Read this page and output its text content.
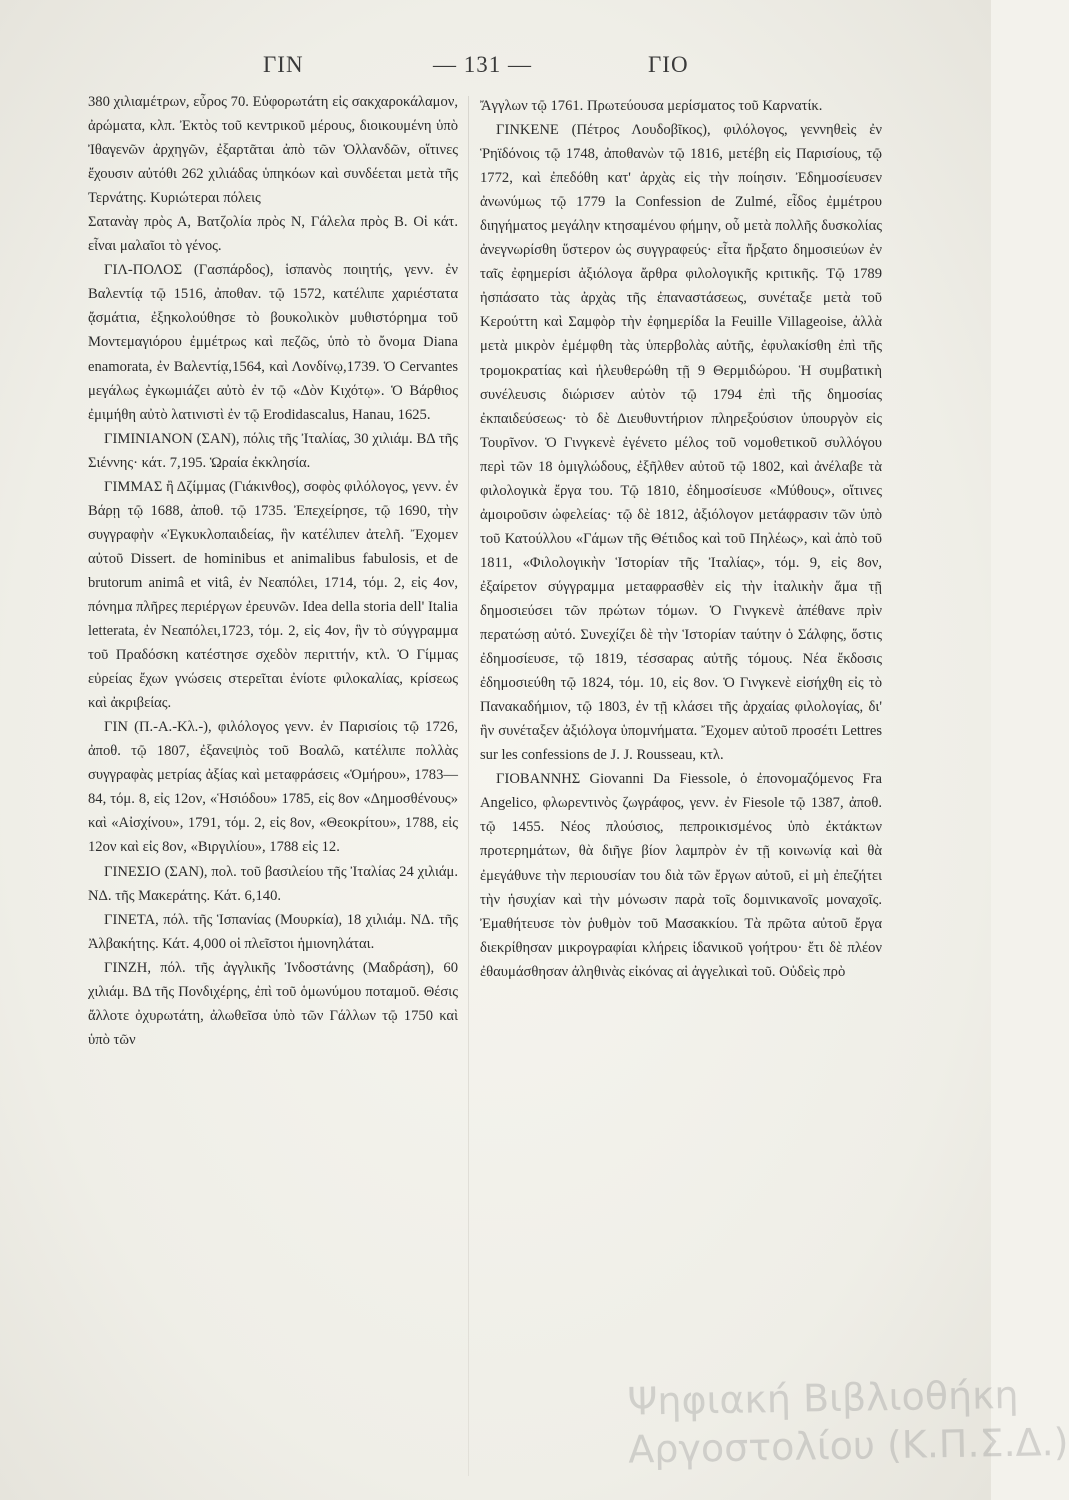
ΓΙΝ	— 131 —	ΓΙΟ

380 χιλιαμέτρων, εὖρος 70. Εὐφορωτάτη εἰς σακχαροκάλαμον, ἀρώματα, κλπ. Ἐκτὸς τοῦ κεντρικοῦ μέρους, διοικουμένη ὑπὸ Ἰθαγενῶν ἀρχηγῶν, ἐξαρτᾶται ἀπὸ τῶν Ὁλλανδῶν, οἵτινες ἔχουσιν αὐτόθι 262 χιλιάδας ὑπηκόων καὶ συνδέεται μετὰ τῆς Τερνάτης. Κυριώτεραι πόλεις

Σατανὰγ πρὸς Α, Βατζολία πρὸς Ν, Γάλελα πρὸς Β. Οἱ κάτ. εἶναι μαλαῖοι τὸ γένος.

ΓΙΛ-ΠΟΛΟΣ (Γασπάρδος), ἱσπανὸς ποιητής, γενν. ἐν Βαλεντίᾳ τῷ 1516, ἀποθαν. τῷ 1572, κατέλιπε χαριέστατα ᾄσμάτια, ἐξηκολούθησε τὸ βουκολικὸν μυθιστόρημα τοῦ Μοντεμαγιόρου ἐμμέτρως καὶ πεζῶς, ὑπὸ τὸ ὄνομα Diana enamorata, ἐν Βαλεντίᾳ,1564, καὶ Λονδίνῳ,1739. Ὁ Cervantes μεγάλως ἐγκωμιάζει αὐτὸ ἐν τῷ «Δὸν Κιχότῳ». Ὁ Βάρθιος ἐμιμήθη αὐτὸ λατινιστὶ ἐν τῷ Erodidascalus, Hanau, 1625.

ΓΙΜΙΝΙΑΝΟΝ (ΣΑΝ), πόλις τῆς Ἰταλίας, 30 χιλιάμ. ΒΔ τῆς Σιέννης· κάτ. 7,195. Ὡραία ἐκκλησία.

ΓΙΜΜΑΣ ἢ Δζίμμας (Γιάκινθος), σοφὸς φιλόλογος, γενν. ἐν Βάρῃ τῷ 1688, ἀποθ. τῷ 1735. Ἐπεχείρησε, τῷ 1690, τὴν συγγραφὴν «Ἐγκυκλοπαιδείας, ἣν κατέλιπεν ἀτελῆ. Ἔχομεν αὐτοῦ Dissert. de hominibus et animalibus fabulosis, et de brutorum animâ et vitâ, ἐν Νεαπόλει, 1714, τόμ. 2, εἰς 4ον, πόνημα πλῆρες περιέργων ἐρευνῶν. Idea della storia dell' Italia letterata, ἐν Νεαπόλει,1723, τόμ. 2, εἰς 4ον, ἣν τὸ σύγγραμμα τοῦ Πραδόσκη κατέστησε σχεδὸν περιττήν, κτλ. Ὁ Γίμμας εὐρείας ἔχων γνώσεις στερεῖται ἐνίοτε φιλοκαλίας, κρίσεως καὶ ἀκριβείας.

ΓΙΝ (Π.-Α.-Κλ.-), φιλόλογος γενν. ἐν Παρισίοις τῷ 1726, ἀποθ. τῷ 1807, ἐξανεψιὸς τοῦ Βοαλῶ, κατέλιπε πολλὰς συγγραφὰς μετρίας ἀξίας καὶ μεταφράσεις «Ὁμήρου», 1783—84, τόμ. 8, εἰς 12ον, «Ἡσιόδου» 1785, εἰς 8ον «Δημοσθένους» καὶ «Αἰσχίνου», 1791, τόμ. 2, εἰς 8ον, «Θεοκρίτου», 1788, εἰς 12ον καὶ εἰς 8ον, «Βιργιλίου», 1788 εἰς 12.

ΓΙΝΕΣΙΟ (ΣΑΝ), πολ. τοῦ βασιλείου τῆς Ἰταλίας 24 χιλιάμ. ΝΔ. τῆς Μακεράτης. Κάτ. 6,140.

ΓΙΝΕΤΑ, πόλ. τῆς Ἱσπανίας (Μουρκία), 18 χιλιάμ. ΝΔ. τῆς Ἀλβακήτης. Κάτ. 4,000 οἱ πλεῖστοι ἡμιονηλάται.

ΓΙΝΖΗ, πόλ. τῆς ἀγγλικῆς Ἰνδοστάνης (Μαδράση), 60 χιλιάμ. ΒΔ τῆς Πονδιχέρης, ἐπὶ τοῦ ὁμωνύμου ποταμοῦ. Θέσις ἄλλοτε ὀχυρωτάτη, ἀλωθεῖσα ὑπὸ τῶν Γάλλων τῷ 1750 καὶ ὑπὸ τῶν

Ἄγγλων τῷ 1761. Πρωτεύουσα μερίσματος τοῦ Καρνατίκ.

ΓΙΝΚΕΝΕ (Πέτρος Λουδοβῖκος), φιλόλογος, γεννηθεὶς ἐν Ῥηϊδόνοις τῷ 1748, ἀποθανὼν τῷ 1816, μετέβη εἰς Παρισίους, τῷ 1772, καὶ ἐπεδόθη κατ' ἀρχὰς εἰς τὴν ποίησιν. Ἐδημοσίευσεν ἀνωνύμως τῷ 1779 la Confession de Zulmé, εἶδος ἐμμέτρου διηγήματος μεγάλην κτησαμένου φήμην, οὗ μετὰ πολλῆς δυσκολίας ἀνεγνωρίσθη ὕστερον ὡς συγγραφεύς· εἶτα ἤρξατο δημοσιεύων ἐν ταῖς ἐφημερίσι ἀξιόλογα ἄρθρα φιλολογικῆς κριτικῆς. Τῷ 1789 ἠσπάσατο τὰς ἀρχὰς τῆς ἐπαναστάσεως, συνέταξε μετὰ τοῦ Κερούττη καὶ Σαμφὸρ τὴν ἐφημερίδα la Feuille Villageoise, ἀλλὰ μετὰ μικρὸν ἐμέμφθη τὰς ὑπερβολὰς αὐτῆς, ἐφυλακίσθη ἐπὶ τῆς τρομοκρατίας καὶ ἠλευθερώθη τῇ 9 Θερμιδώρου. Ἡ συμβατικὴ συνέλευσις διώρισεν αὐτὸν τῷ 1794 ἐπὶ τῆς δημοσίας ἐκπαιδεύσεως· τὸ δὲ Διευθυντήριον πληρεξούσιον ὑπουργὸν εἰς Τουρῖνον. Ὁ Γινγκενὲ ἐγένετο μέλος τοῦ νομοθετικοῦ συλλόγου περὶ τῶν 18 ὁμιγλώδους, ἐξῆλθεν αὐτοῦ τῷ 1802, καὶ ἀνέλαβε τὰ φιλολογικὰ ἔργα του. Τῷ 1810, ἐδημοσίευσε «Μύθους», οἵτινες ἀμοιροῦσιν ὠφελείας· τῷ δὲ 1812, ἀξιόλογον μετάφρασιν τῶν ὑπὸ τοῦ Κατούλλου «Γάμων τῆς Θέτιδος καὶ τοῦ Πηλέως», καὶ ἀπὸ τοῦ 1811, «Φιλολογικὴν Ἱστορίαν τῆς Ἰταλίας», τόμ. 9, εἰς 8ον, ἐξαίρετον σύγγραμμα μεταφρασθὲν εἰς τὴν ἰταλικὴν ἅμα τῇ δημοσιεύσει τῶν πρώτων τόμων. Ὁ Γινγκενὲ ἀπέθανε πρὶν περατώσῃ αὐτό. Συνεχίζει δὲ τὴν Ἱστορίαν ταύτην ὁ Σάλφης, ὅστις ἐδημοσίευσε, τῷ 1819, τέσσαρας αὐτῆς τόμους. Νέα ἔκδοσις ἐδημοσιεύθη τῷ 1824, τόμ. 10, εἰς 8ον. Ὁ Γινγκενὲ εἰσήχθη εἰς τὸ Πανακαδήμιον, τῷ 1803, ἐν τῇ κλάσει τῆς ἀρχαίας φιλολογίας, δι' ἣν συνέταξεν ἀξιόλογα ὑπομνήματα. Ἔχομεν αὐτοῦ προσέτι Lettres sur les confessions de J. J. Rousseau, κτλ.

ΓΙΟΒΑΝΝΗΣ Giovanni Da Fiessole, ὁ ἐπονομαζόμενος Fra Angelico, φλωρεντινὸς ζωγράφος, γενν. ἐν Fiesole τῷ 1387, ἀποθ. τῷ 1455. Νέος πλούσιος, πεπροικισμένος ὑπὸ ἐκτάκτων προτερημάτων, θὰ διῆγε βίον λαμπρὸν ἐν τῇ κοινωνίᾳ καὶ θὰ ἐμεγάθυνε τὴν περιουσίαν του διὰ τῶν ἔργων αὐτοῦ, εἰ μὴ ἐπεζήτει τὴν ἡσυχίαν καὶ τὴν μόνωσιν παρὰ τοῖς δομινικανοῖς μοναχοῖς. Ἐμαθήτευσε τὸν ῥυθμὸν τοῦ Μασακκίου. Τὰ πρῶτα αὐτοῦ ἔργα διεκρίθησαν μικρογραφίαι κλήρεις ἰδανικοῦ γοήτρου· ἔτι δὲ πλέον ἐθαυμάσθησαν ἀληθινὰς εἰκόνας αἱ ἀγγελικαὶ τοῦ. Οὐδεὶς πρὸ

Ψηφιακή Βιβλιοθήκη
Αργοστολίου (Κ.Π.Σ.Δ.)
